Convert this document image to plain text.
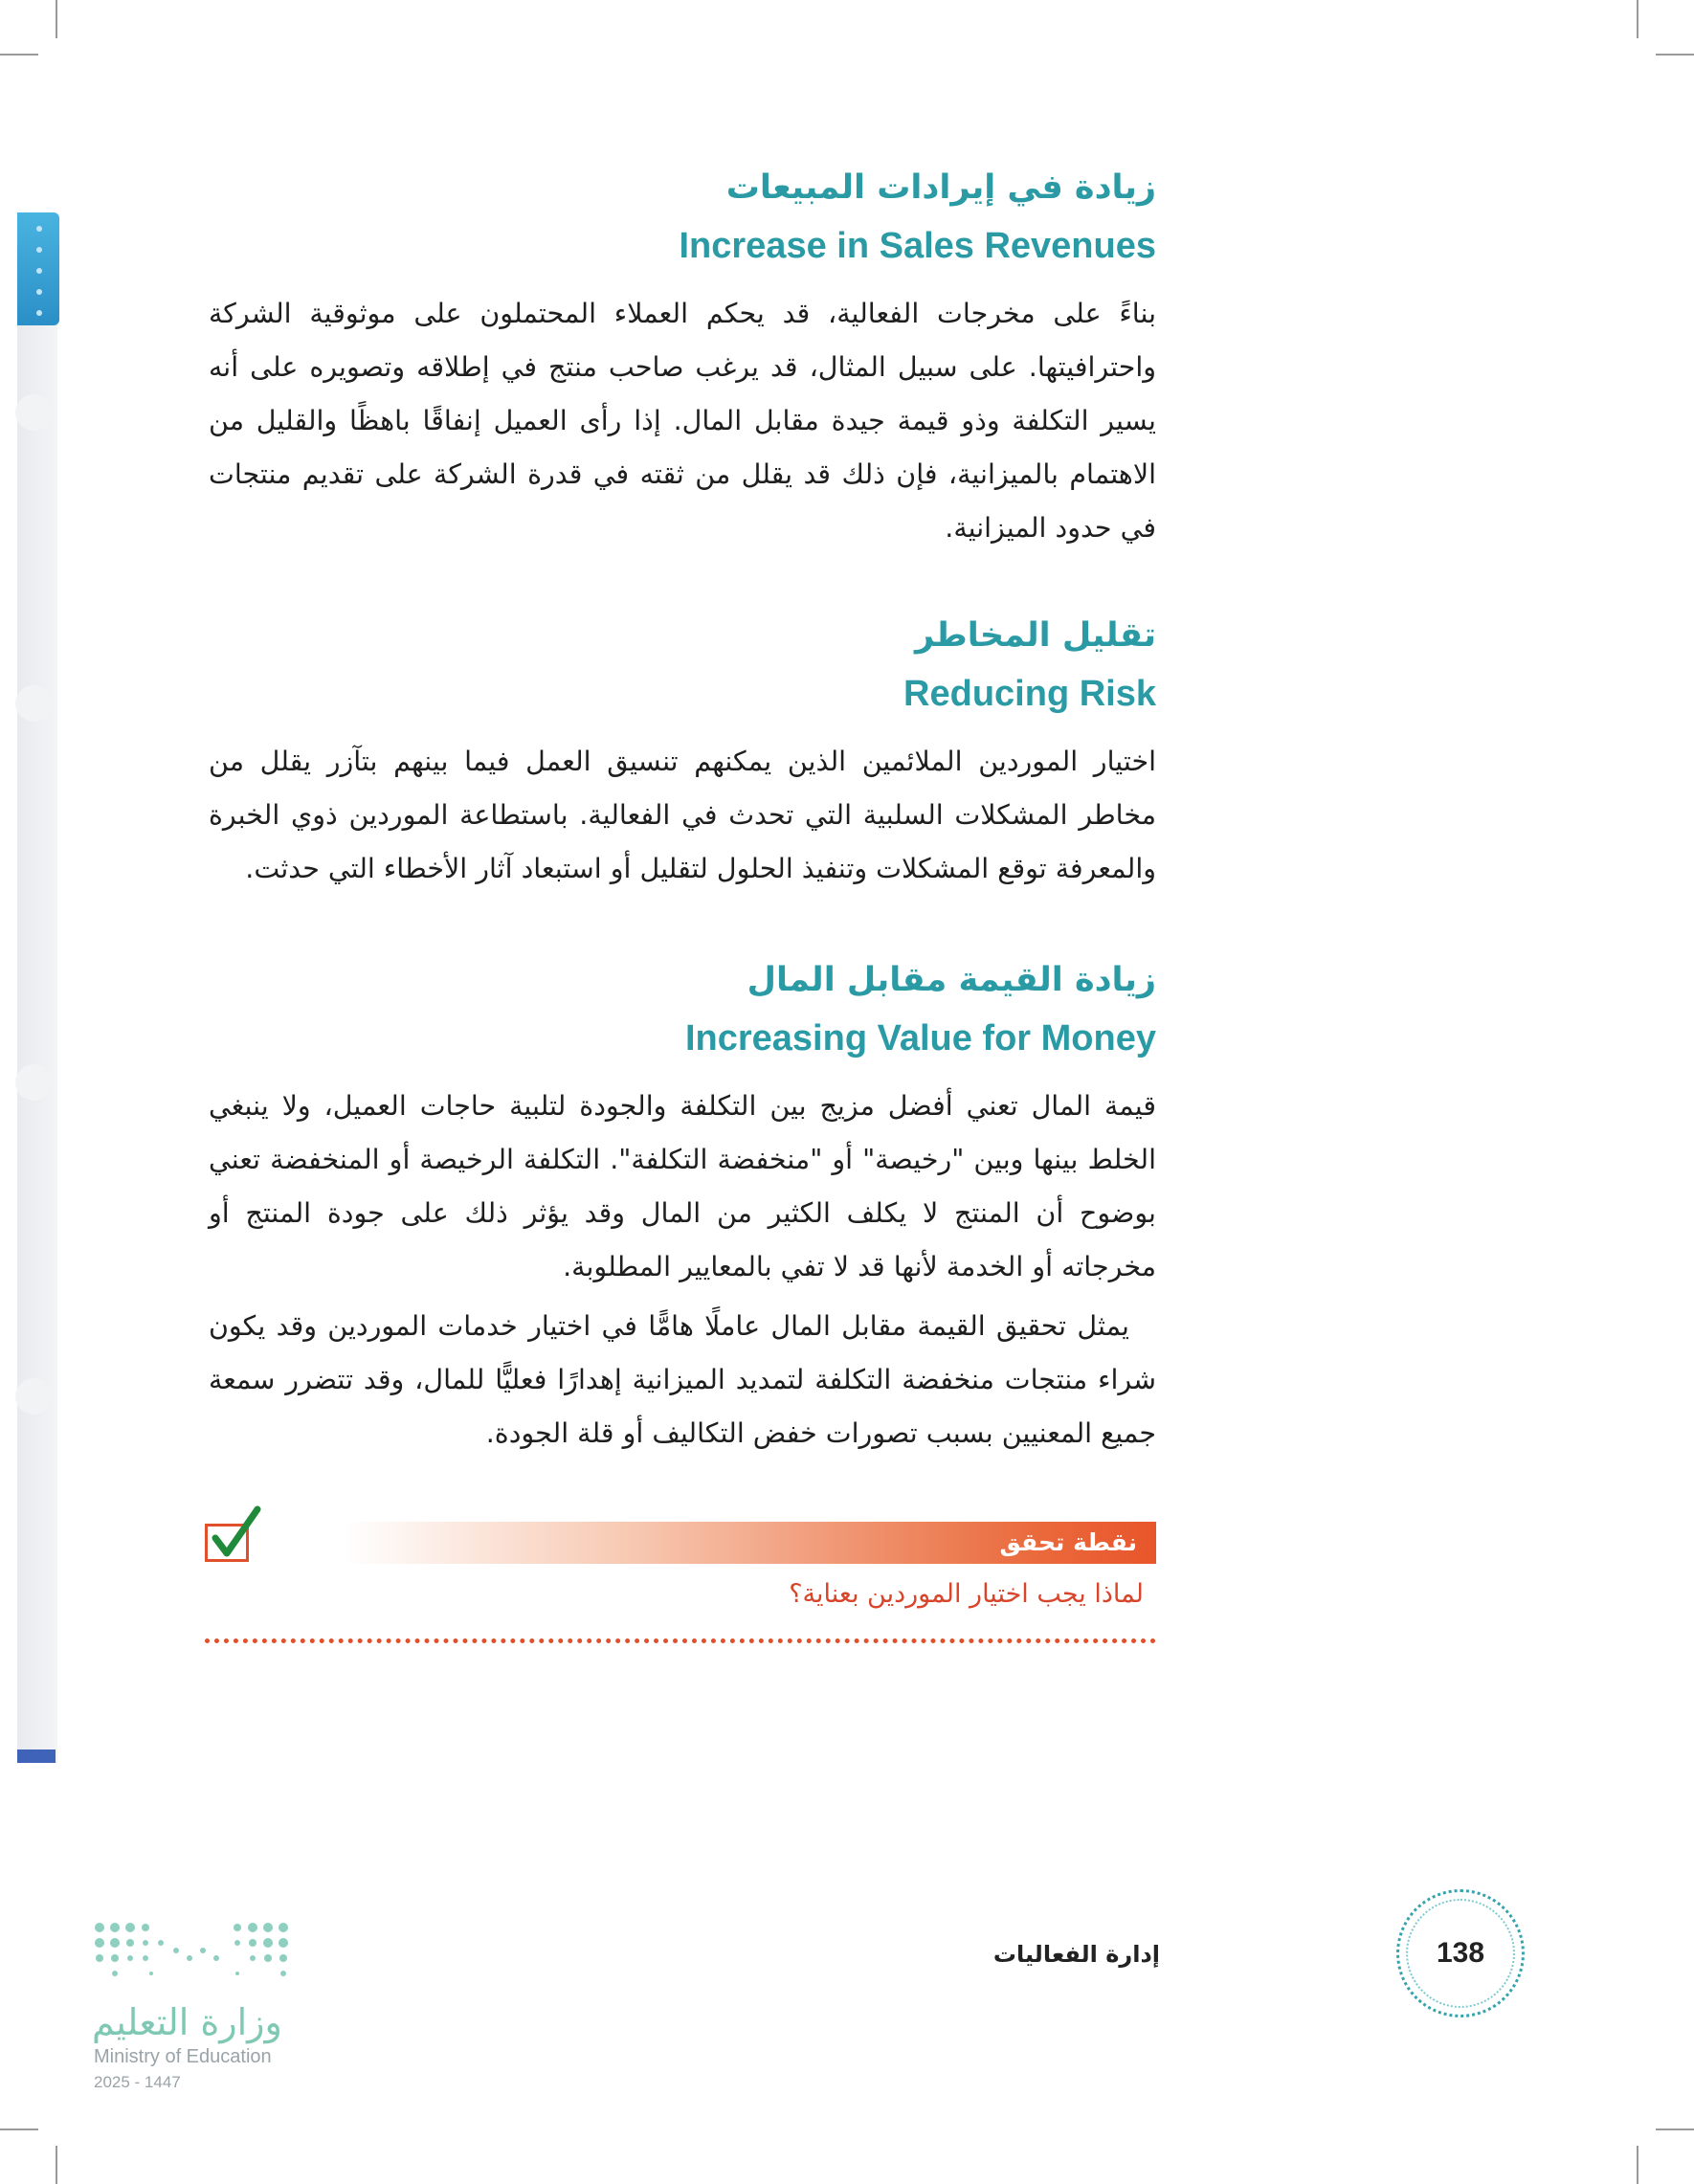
زيادة في إيرادات المبيعات
Increase in Sales Revenues

بناءً على مخرجات الفعالية، قد يحكم العملاء المحتملون على موثوقية الشركة واحترافيتها. على سبيل المثال، قد يرغب صاحب منتج في إطلاقه وتصويره على أنه يسير التكلفة وذو قيمة جيدة مقابل المال. إذا رأى العميل إنفاقًا باهظًا والقليل من الاهتمام بالميزانية، فإن ذلك قد يقلل من ثقته في قدرة الشركة على تقديم منتجات في حدود الميزانية.

تقليل المخاطر
Reducing Risk

اختيار الموردين الملائمين الذين يمكنهم تنسيق العمل فيما بينهم بتآزر يقلل من مخاطر المشكلات السلبية التي تحدث في الفعالية. باستطاعة الموردين ذوي الخبرة والمعرفة توقع المشكلات وتنفيذ الحلول لتقليل أو استبعاد آثار الأخطاء التي حدثت.

زيادة القيمة مقابل المال
Increasing Value for Money

قيمة المال تعني أفضل مزيج بين التكلفة والجودة لتلبية حاجات العميل، ولا ينبغي الخلط بينها وبين "رخيصة" أو "منخفضة التكلفة". التكلفة الرخيصة أو المنخفضة تعني بوضوح أن المنتج لا يكلف الكثير من المال وقد يؤثر ذلك على جودة المنتج أو مخرجاته أو الخدمة لأنها قد لا تفي بالمعايير المطلوبة.

يمثل تحقيق القيمة مقابل المال عاملًا هامًّا في اختيار خدمات الموردين وقد يكون شراء منتجات منخفضة التكلفة لتمديد الميزانية إهدارًا فعليًّا للمال، وقد تتضرر سمعة جميع المعنيين بسبب تصورات خفض التكاليف أو قلة الجودة.

نقطة تحقق
لماذا يجب اختيار الموردين بعناية؟
138
إدارة الفعاليات
وزارة التعليم
Ministry of Education
2025 - 1447
